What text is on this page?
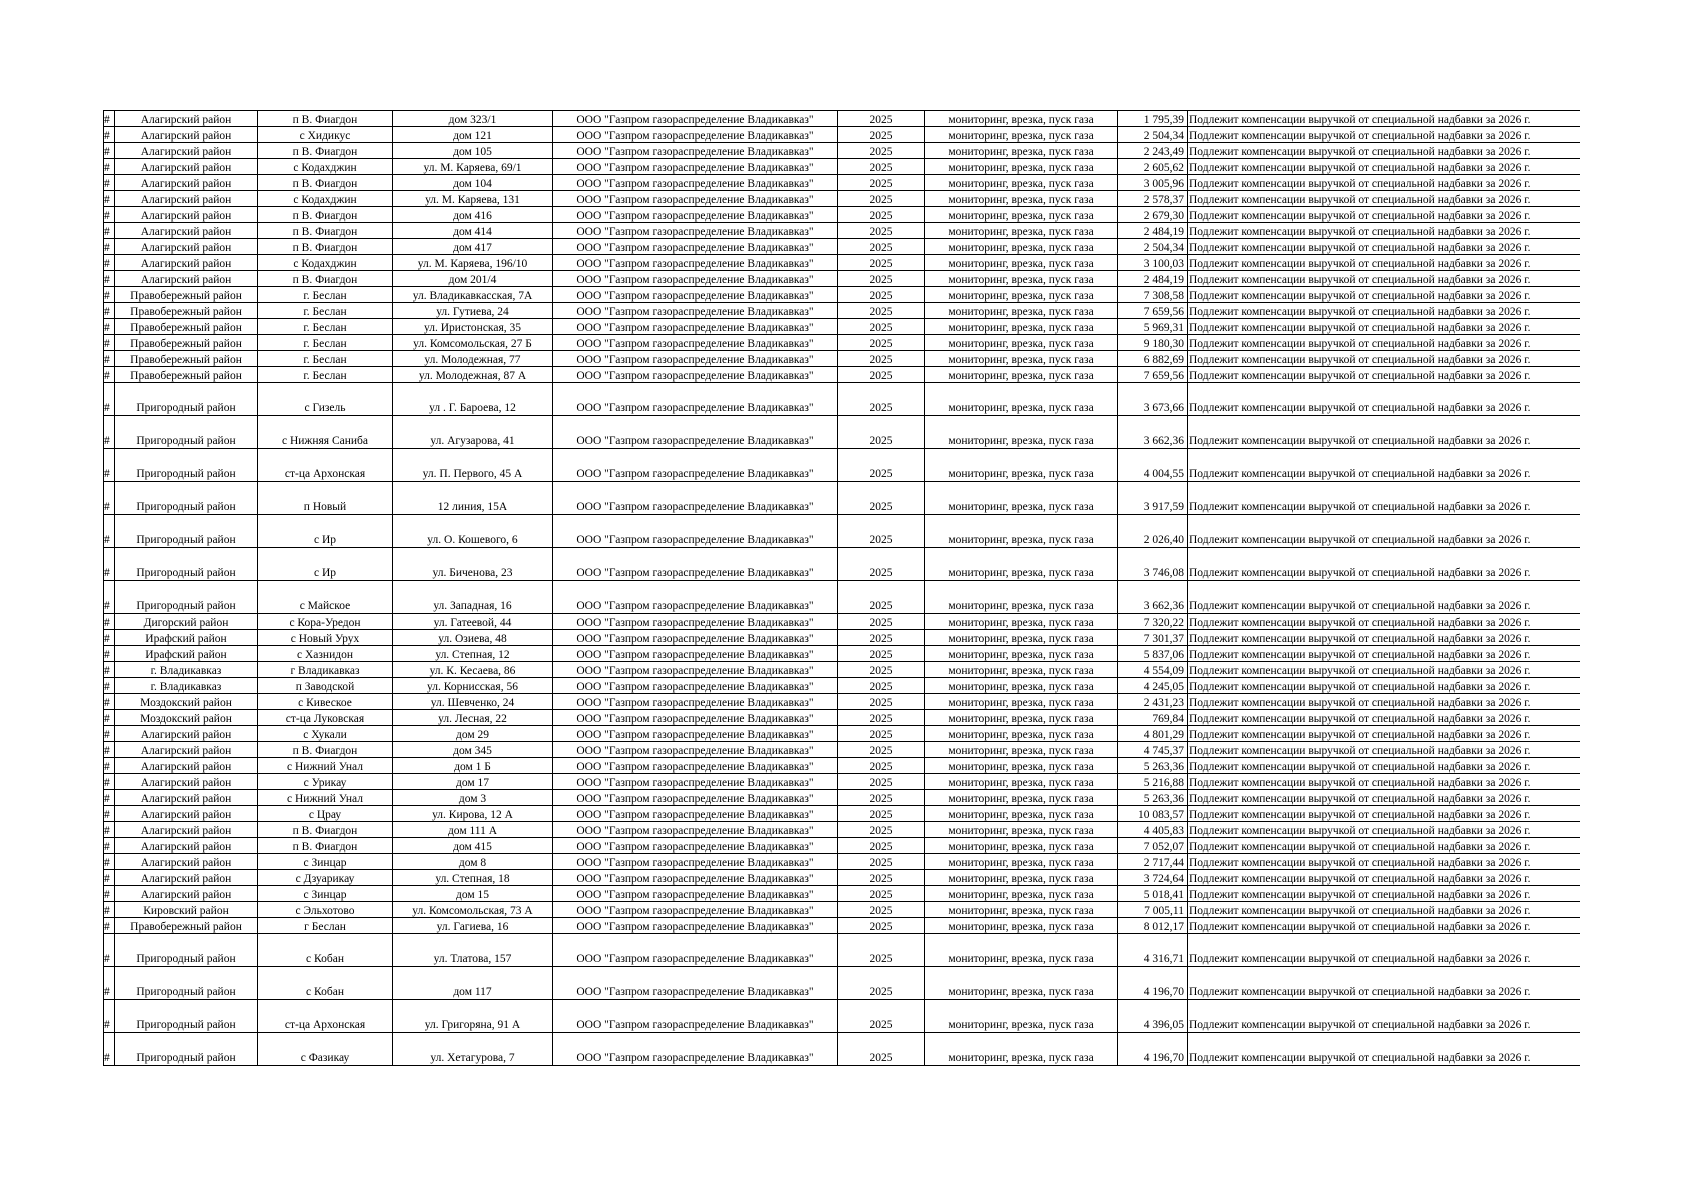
#	Алагирский район	п В. Фиагдон	дом 323/1	ООО "Газпром газораспределение Владикавказ"	2025	мониторинг, врезка, пуск газа	1 795,39	Подлежит компенсации выручкой от специальной надбавки за 2026 г.
#	Алагирский район	с Хидикус	дом 121	ООО "Газпром газораспределение Владикавказ"	2025	мониторинг, врезка, пуск газа	2 504,34	Подлежит компенсации выручкой от специальной надбавки за 2026 г.
#	Алагирский район	п В. Фиагдон	дом 105	ООО "Газпром газораспределение Владикавказ"	2025	мониторинг, врезка, пуск газа	2 243,49	Подлежит компенсации выручкой от специальной надбавки за 2026 г.
#	Алагирский район	с Кодахджин	ул. М. Каряева, 69/1	ООО "Газпром газораспределение Владикавказ"	2025	мониторинг, врезка, пуск газа	2 605,62	Подлежит компенсации выручкой от специальной надбавки за 2026 г.
#	Алагирский район	п В. Фиагдон	дом 104	ООО "Газпром газораспределение Владикавказ"	2025	мониторинг, врезка, пуск газа	3 005,96	Подлежит компенсации выручкой от специальной надбавки за 2026 г.
#	Алагирский район	с Кодахджин	ул. М. Каряева, 131	ООО "Газпром газораспределение Владикавказ"	2025	мониторинг, врезка, пуск газа	2 578,37	Подлежит компенсации выручкой от специальной надбавки за 2026 г.
#	Алагирский район	п В. Фиагдон	дом 416	ООО "Газпром газораспределение Владикавказ"	2025	мониторинг, врезка, пуск газа	2 679,30	Подлежит компенсации выручкой от специальной надбавки за 2026 г.
#	Алагирский район	п В. Фиагдон	дом 414	ООО "Газпром газораспределение Владикавказ"	2025	мониторинг, врезка, пуск газа	2 484,19	Подлежит компенсации выручкой от специальной надбавки за 2026 г.
#	Алагирский район	п В. Фиагдон	дом 417	ООО "Газпром газораспределение Владикавказ"	2025	мониторинг, врезка, пуск газа	2 504,34	Подлежит компенсации выручкой от специальной надбавки за 2026 г.
#	Алагирский район	с Кодахджин	ул. М. Каряева, 196/10	ООО "Газпром газораспределение Владикавказ"	2025	мониторинг, врезка, пуск газа	3 100,03	Подлежит компенсации выручкой от специальной надбавки за 2026 г.
#	Алагирский район	п В. Фиагдон	дом 201/4	ООО "Газпром газораспределение Владикавказ"	2025	мониторинг, врезка, пуск газа	2 484,19	Подлежит компенсации выручкой от специальной надбавки за 2026 г.
#	Правобережный район	г. Беслан	ул. Владикавкасская, 7А	ООО "Газпром газораспределение Владикавказ"	2025	мониторинг, врезка, пуск газа	7 308,58	Подлежит компенсации выручкой от специальной надбавки за 2026 г.
#	Правобережный район	г. Беслан	ул. Гутиева, 24	ООО "Газпром газораспределение Владикавказ"	2025	мониторинг, врезка, пуск газа	7 659,56	Подлежит компенсации выручкой от специальной надбавки за 2026 г.
#	Правобережный район	г. Беслан	ул. Иристонская, 35	ООО "Газпром газораспределение Владикавказ"	2025	мониторинг, врезка, пуск газа	5 969,31	Подлежит компенсации выручкой от специальной надбавки за 2026 г.
#	Правобережный район	г. Беслан	ул. Комсомольская, 27 Б	ООО "Газпром газораспределение Владикавказ"	2025	мониторинг, врезка, пуск газа	9 180,30	Подлежит компенсации выручкой от специальной надбавки за 2026 г.
#	Правобережный район	г. Беслан	ул. Молодежная, 77	ООО "Газпром газораспределение Владикавказ"	2025	мониторинг, врезка, пуск газа	6 882,69	Подлежит компенсации выручкой от специальной надбавки за 2026 г.
#	Правобережный район	г. Беслан	ул. Молодежная, 87 А	ООО "Газпром газораспределение Владикавказ"	2025	мониторинг, врезка, пуск газа	7 659,56	Подлежит компенсации выручкой от специальной надбавки за 2026 г.
#	Пригородный район	с Гизель	ул . Г. Бароева, 12	ООО "Газпром газораспределение Владикавказ"	2025	мониторинг, врезка, пуск газа	3 673,66	Подлежит компенсации выручкой от специальной надбавки за 2026 г.
#	Пригородный район	с Нижняя Саниба	ул. Агузарова, 41	ООО "Газпром газораспределение Владикавказ"	2025	мониторинг, врезка, пуск газа	3 662,36	Подлежит компенсации выручкой от специальной надбавки за 2026 г.
#	Пригородный район	ст-ца Архонская	ул. П. Первого, 45 А	ООО "Газпром газораспределение Владикавказ"	2025	мониторинг, врезка, пуск газа	4 004,55	Подлежит компенсации выручкой от специальной надбавки за 2026 г.
#	Пригородный район	п Новый	12 линия, 15А	ООО "Газпром газораспределение Владикавказ"	2025	мониторинг, врезка, пуск газа	3 917,59	Подлежит компенсации выручкой от специальной надбавки за 2026 г.
#	Пригородный район	с Ир	ул. О. Кошевого, 6	ООО "Газпром газораспределение Владикавказ"	2025	мониторинг, врезка, пуск газа	2 026,40	Подлежит компенсации выручкой от специальной надбавки за 2026 г.
#	Пригородный район	с Ир	ул. Биченова, 23	ООО "Газпром газораспределение Владикавказ"	2025	мониторинг, врезка, пуск газа	3 746,08	Подлежит компенсации выручкой от специальной надбавки за 2026 г.
#	Пригородный район	с Майское	ул. Западная, 16	ООО "Газпром газораспределение Владикавказ"	2025	мониторинг, врезка, пуск газа	3 662,36	Подлежит компенсации выручкой от специальной надбавки за 2026 г.
#	Дигорский район	с Кора-Уредон	ул. Гатеевой, 44	ООО "Газпром газораспределение Владикавказ"	2025	мониторинг, врезка, пуск газа	7 320,22	Подлежит компенсации выручкой от специальной надбавки за 2026 г.
#	Ирафский район	с Новый Урух	ул. Озиева, 48	ООО "Газпром газораспределение Владикавказ"	2025	мониторинг, врезка, пуск газа	7 301,37	Подлежит компенсации выручкой от специальной надбавки за 2026 г.
#	Ирафский район	с Хазнидон	ул. Степная, 12	ООО "Газпром газораспределение Владикавказ"	2025	мониторинг, врезка, пуск газа	5 837,06	Подлежит компенсации выручкой от специальной надбавки за 2026 г.
#	г. Владикавказ	г Владикавказ	ул. К. Кесаева, 86	ООО "Газпром газораспределение Владикавказ"	2025	мониторинг, врезка, пуск газа	4 554,09	Подлежит компенсации выручкой от специальной надбавки за 2026 г.
#	г. Владикавказ	п Заводской	ул. Корнисская, 56	ООО "Газпром газораспределение Владикавказ"	2025	мониторинг, врезка, пуск газа	4 245,05	Подлежит компенсации выручкой от специальной надбавки за 2026 г.
#	Моздокский район	с Кивеское	ул. Шевченко, 24	ООО "Газпром газораспределение Владикавказ"	2025	мониторинг, врезка, пуск газа	2 431,23	Подлежит компенсации выручкой от специальной надбавки за 2026 г.
#	Моздокский район	ст-ца Луковская	ул. Лесная, 22	ООО "Газпром газораспределение Владикавказ"	2025	мониторинг, врезка, пуск газа	769,84	Подлежит компенсации выручкой от специальной надбавки за 2026 г.
#	Алагирский район	с Хукали	дом 29	ООО "Газпром газораспределение Владикавказ"	2025	мониторинг, врезка, пуск газа	4 801,29	Подлежит компенсации выручкой от специальной надбавки за 2026 г.
#	Алагирский район	п В. Фиагдон	дом 345	ООО "Газпром газораспределение Владикавказ"	2025	мониторинг, врезка, пуск газа	4 745,37	Подлежит компенсации выручкой от специальной надбавки за 2026 г.
#	Алагирский район	с Нижний Унал	дом 1 Б	ООО "Газпром газораспределение Владикавказ"	2025	мониторинг, врезка, пуск газа	5 263,36	Подлежит компенсации выручкой от специальной надбавки за 2026 г.
#	Алагирский район	с Урикау	дом 17	ООО "Газпром газораспределение Владикавказ"	2025	мониторинг, врезка, пуск газа	5 216,88	Подлежит компенсации выручкой от специальной надбавки за 2026 г.
#	Алагирский район	с Нижний Унал	дом 3	ООО "Газпром газораспределение Владикавказ"	2025	мониторинг, врезка, пуск газа	5 263,36	Подлежит компенсации выручкой от специальной надбавки за 2026 г.
#	Алагирский район	с Црау	ул. Кирова, 12 А	ООО "Газпром газораспределение Владикавказ"	2025	мониторинг, врезка, пуск газа	10 083,57	Подлежит компенсации выручкой от специальной надбавки за 2026 г.
#	Алагирский район	п В. Фиагдон	дом 111 А	ООО "Газпром газораспределение Владикавказ"	2025	мониторинг, врезка, пуск газа	4 405,83	Подлежит компенсации выручкой от специальной надбавки за 2026 г.
#	Алагирский район	п В. Фиагдон	дом 415	ООО "Газпром газораспределение Владикавказ"	2025	мониторинг, врезка, пуск газа	7 052,07	Подлежит компенсации выручкой от специальной надбавки за 2026 г.
#	Алагирский район	с Зинцар	дом 8	ООО "Газпром газораспределение Владикавказ"	2025	мониторинг, врезка, пуск газа	2 717,44	Подлежит компенсации выручкой от специальной надбавки за 2026 г.
#	Алагирский район	с Дзуарикау	ул. Степная, 18	ООО "Газпром газораспределение Владикавказ"	2025	мониторинг, врезка, пуск газа	3 724,64	Подлежит компенсации выручкой от специальной надбавки за 2026 г.
#	Алагирский район	с Зинцар	дом 15	ООО "Газпром газораспределение Владикавказ"	2025	мониторинг, врезка, пуск газа	5 018,41	Подлежит компенсации выручкой от специальной надбавки за 2026 г.
#	Кировский район	с Эльхотово	ул. Комсомольская, 73 А	ООО "Газпром газораспределение Владикавказ"	2025	мониторинг, врезка, пуск газа	7 005,11	Подлежит компенсации выручкой от специальной надбавки за 2026 г.
#	Правобережный район	г Беслан	ул. Гагиева, 16	ООО "Газпром газораспределение Владикавказ"	2025	мониторинг, врезка, пуск газа	8 012,17	Подлежит компенсации выручкой от специальной надбавки за 2026 г.
#	Пригородный район	с Кобан	ул. Тлатова, 157	ООО "Газпром газораспределение Владикавказ"	2025	мониторинг, врезка, пуск газа	4 316,71	Подлежит компенсации выручкой от специальной надбавки за 2026 г.
#	Пригородный район	с Кобан	дом 117	ООО "Газпром газораспределение Владикавказ"	2025	мониторинг, врезка, пуск газа	4 196,70	Подлежит компенсации выручкой от специальной надбавки за 2026 г.
#	Пригородный район	ст-ца Архонская	ул. Григоряна, 91 А	ООО "Газпром газораспределение Владикавказ"	2025	мониторинг, врезка, пуск газа	4 396,05	Подлежит компенсации выручкой от специальной надбавки за 2026 г.
#	Пригородный район	с Фазикау	ул. Хетагурова, 7	ООО "Газпром газораспределение Владикавказ"	2025	мониторинг, врезка, пуск газа	4 196,70	Подлежит компенсации выручкой от специальной надбавки за 2026 г.
